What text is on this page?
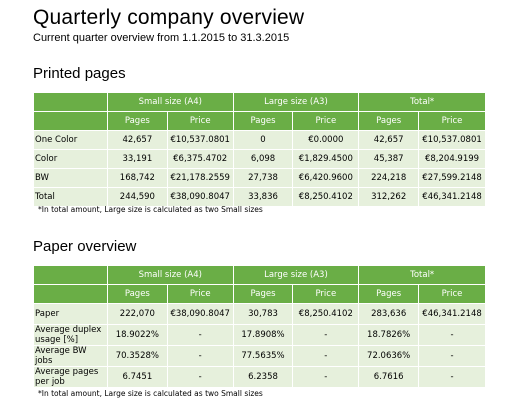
Quarterly company overview
Current quarter overview from 1.1.2015 to 31.3.2015
Printed pages
	Small size (A4)		Large size (A3)		Total*	
	Pages	Price	Pages	Price	Pages	Price
One Color	42,657	€10,537.0801	0	€0.0000	42,657	€10,537.0801
Color	33,191	€6,375.4702	6,098	€1,829.4500	45,387	€8,204.9199
BW	168,742	€21,178.2559	27,738	€6,420.9600	224,218	€27,599.2148
Total	244,590	€38,090.8047	33,836	€8,250.4102	312,262	€46,341.2148
*In total amount, Large size is calculated as two Small sizes
Paper overview
	Small size (A4)		Large size (A3)		Total*	
	Pages	Price	Pages	Price	Pages	Price
Paper	222,070	€38,090.8047	30,783	€8,250.4102	283,636	€46,341.2148
Average duplex usage [%]	18.9022%	-	17.8908%	-	18.7826%	-
Average BW jobs	70.3528%	-	77.5635%	-	72.0636%	-
Average pages per job	6.7451	-	6.2358	-	6.7616	-
*In total amount, Large size is calculated as two Small sizes
